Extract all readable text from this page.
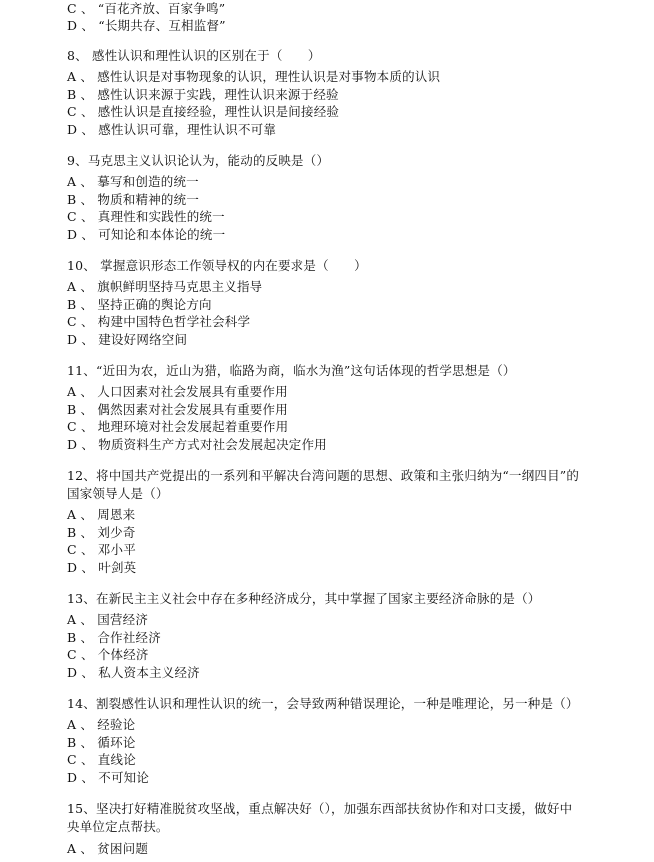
C 、 “百花齐放、百家争鸣”
D 、 “长期共存、互相监督”
8、 感性认识和理性认识的区别在于（　　）
A 、 感性认识是对事物现象的认识，理性认识是对事物本质的认识
B 、 感性认识来源于实践，理性认识来源于经验
C 、 感性认识是直接经验，理性认识是间接经验
D 、 感性认识可靠，理性认识不可靠
9、马克思主义认识论认为，能动的反映是（）
A 、 摹写和创造的统一
B 、 物质和精神的统一
C 、 真理性和实践性的统一
D 、 可知论和本体论的统一
10、 掌握意识形态工作领导权的内在要求是（　　）
A 、 旗帜鲜明坚持马克思主义指导
B 、 坚持正确的舆论方向
C 、 构建中国特色哲学社会科学
D 、 建设好网络空间
11、“近田为农，近山为猎，临路为商，临水为渔”这句话体现的哲学思想是（）
A 、 人口因素对社会发展具有重要作用
B 、 偶然因素对社会发展具有重要作用
C 、 地理环境对社会发展起着重要作用
D 、 物质资料生产方式对社会发展起决定作用
12、将中国共产党提出的一系列和平解决台湾问题的思想、政策和主张归纳为“一纲四目”的
国家领导人是（）
A 、 周恩来
B 、 刘少奇
C 、 邓小平
D 、 叶剑英
13、在新民主主义社会中存在多种经济成分，其中掌握了国家主要经济命脉的是（）
A 、 国营经济
B 、 合作社经济
C 、 个体经济
D 、 私人资本主义经济
14、割裂感性认识和理性认识的统一，会导致两种错误理论，一种是唯理论，另一种是（）
A 、 经验论
B 、 循环论
C 、 直线论
D 、 不可知论
15、坚决打好精准脱贫攻坚战，重点解决好（），加强东西部扶贫协作和对口支援，做好中
央单位定点帮扶。
A 、 贫困问题
